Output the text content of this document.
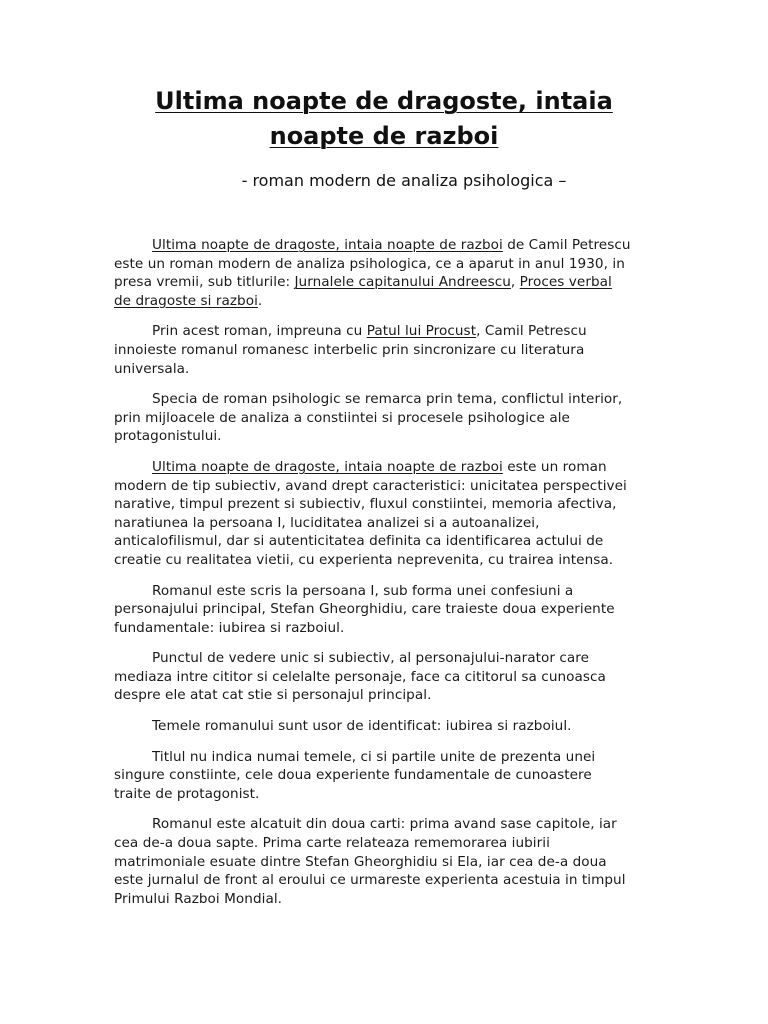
Ultima noapte de dragoste, intaia
noapte de razboi

- roman modern de analiza psihologica –

Ultima noapte de dragoste, intaia noapte de razboi de Camil Petrescu
este un roman modern de analiza psihologica, ce a aparut in anul 1930, in
presa vremii, sub titlurile: Jurnalele capitanului Andreescu, Proces verbal
de dragoste si razboi.

Prin acest roman, impreuna cu Patul lui Procust, Camil Petrescu
innoieste romanul romanesc interbelic prin sincronizare cu literatura
universala.

Specia de roman psihologic se remarca prin tema, conflictul interior,
prin mijloacele de analiza a constiintei si procesele psihologice ale
protagonistului.

Ultima noapte de dragoste, intaia noapte de razboi este un roman
modern de tip subiectiv, avand drept caracteristici: unicitatea perspectivei
narative, timpul prezent si subiectiv, fluxul constiintei, memoria afectiva,
naratiunea la persoana I, luciditatea analizei si a autoanalizei,
anticalofilismul, dar si autenticitatea definita ca identificarea actului de
creatie cu realitatea vietii, cu experienta neprevenita, cu trairea intensa.

Romanul este scris la persoana I, sub forma unei confesiuni a
personajului principal, Stefan Gheorghidiu, care traieste doua experiente
fundamentale: iubirea si razboiul.

Punctul de vedere unic si subiectiv, al personajului-narator care
mediaza intre cititor si celelalte personaje, face ca cititorul sa cunoasca
despre ele atat cat stie si personajul principal.

Temele romanului sunt usor de identificat: iubirea si razboiul.

Titlul nu indica numai temele, ci si partile unite de prezenta unei
singure constiinte, cele doua experiente fundamentale de cunoastere
traite de protagonist.

Romanul este alcatuit din doua carti: prima avand sase capitole, iar
cea de-a doua sapte. Prima carte relateaza rememorarea iubirii
matrimoniale esuate dintre Stefan Gheorghidiu si Ela, iar cea de-a doua
este jurnalul de front al eroului ce urmareste experienta acestuia in timpul
Primului Razboi Mondial.
